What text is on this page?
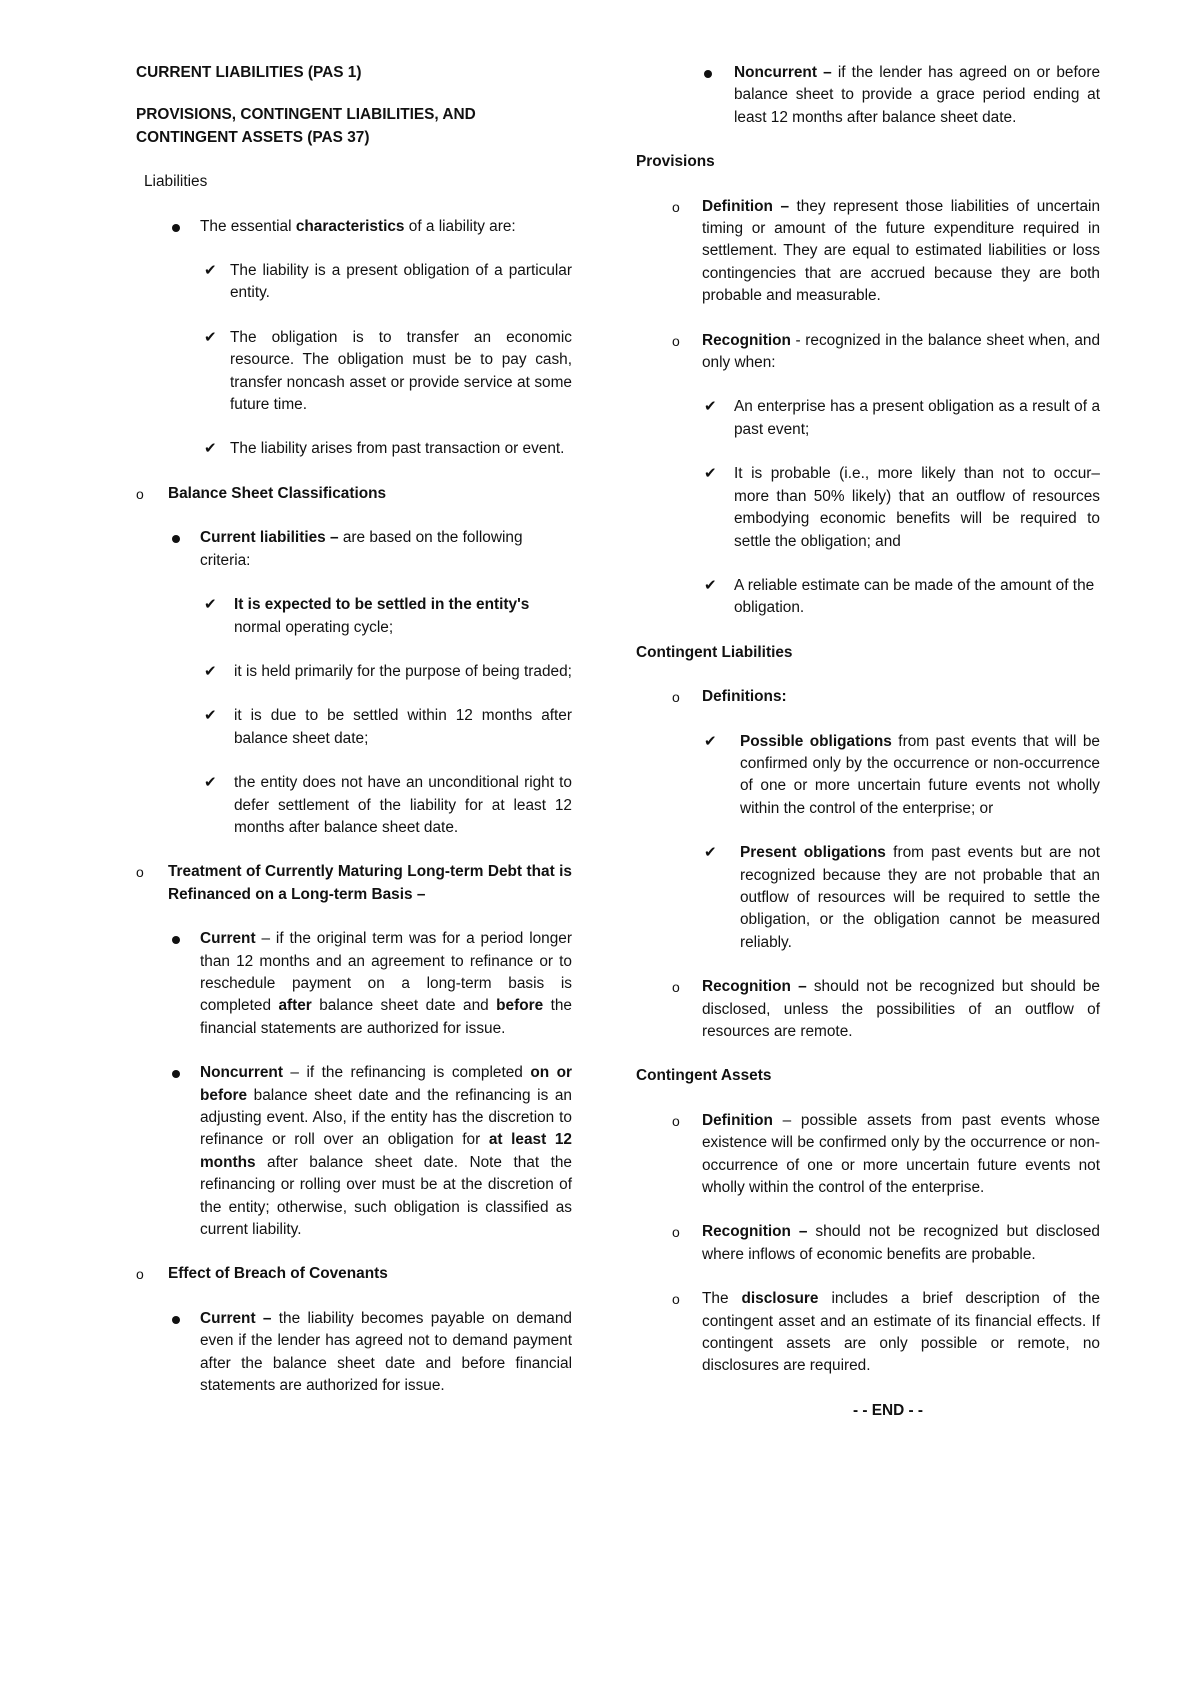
CURRENT LIABILITIES (PAS 1)

PROVISIONS, CONTINGENT LIABILITIES, AND
CONTINGENT ASSETS (PAS 37)

Liabilities

The essential characteristics of a liability are:

✔ The liability is a present obligation of a particular entity.

✔ The obligation is to transfer an economic resource. The obligation must be to pay cash, transfer noncash asset or provide service at some future time.

✔ The liability arises from past transaction or event.

o Balance Sheet Classifications

Current liabilities – are based on the following criteria:

✔ It is expected to be settled in the entity's
normal operating cycle;

✔ it is held primarily for the purpose of being traded;

✔ it is due to be settled within 12 months after balance sheet date;

✔ the entity does not have an unconditional right to defer settlement of the liability for at least 12 months after balance sheet date.

o Treatment of Currently Maturing Long-term Debt that is Refinanced on a Long-term Basis –

Current – if the original term was for a period longer than 12 months and an agreement to refinance or to reschedule payment on a long-term basis is completed after balance sheet date and before the financial statements are authorized for issue.

Noncurrent – if the refinancing is completed on or before balance sheet date and the refinancing is an adjusting event. Also, if the entity has the discretion to refinance or roll over an obligation for at least 12 months after balance sheet date. Note that the refinancing or rolling over must be at the discretion of the entity; otherwise, such obligation is classified as current liability.

o Effect of Breach of Covenants

Current – the liability becomes payable on demand even if the lender has agreed not to demand payment after the balance sheet date and before financial statements are authorized for issue.

Noncurrent – if the lender has agreed on or before balance sheet to provide a grace period ending at least 12 months after balance sheet date.

Provisions

o Definition – they represent those liabilities of uncertain timing or amount of the future expenditure required in settlement. They are equal to estimated liabilities or loss contingencies that are accrued because they are both probable and measurable.

o Recognition - recognized in the balance sheet when, and only when:

✔ An enterprise has a present obligation as a result of a past event;

✔ It is probable (i.e., more likely than not to occur– more than 50% likely) that an outflow of resources embodying economic benefits will be required to settle the obligation; and

✔ A reliable estimate can be made of the amount of the obligation.

Contingent Liabilities

o Definitions:

✔ Possible obligations from past events that will be confirmed only by the occurrence or non-occurrence of one or more uncertain future events not wholly within the control of the enterprise; or

✔ Present obligations from past events but are not recognized because they are not probable that an outflow of resources will be required to settle the obligation, or the obligation cannot be measured reliably.

o Recognition – should not be recognized but should be disclosed, unless the possibilities of an outflow of resources are remote.

Contingent Assets

o Definition – possible assets from past events whose existence will be confirmed only by the occurrence or non-occurrence of one or more uncertain future events not wholly within the control of the enterprise.

o Recognition – should not be recognized but disclosed where inflows of economic benefits are probable.

o The disclosure includes a brief description of the contingent asset and an estimate of its financial effects. If contingent assets are only possible or remote, no disclosures are required.

- - END - -
